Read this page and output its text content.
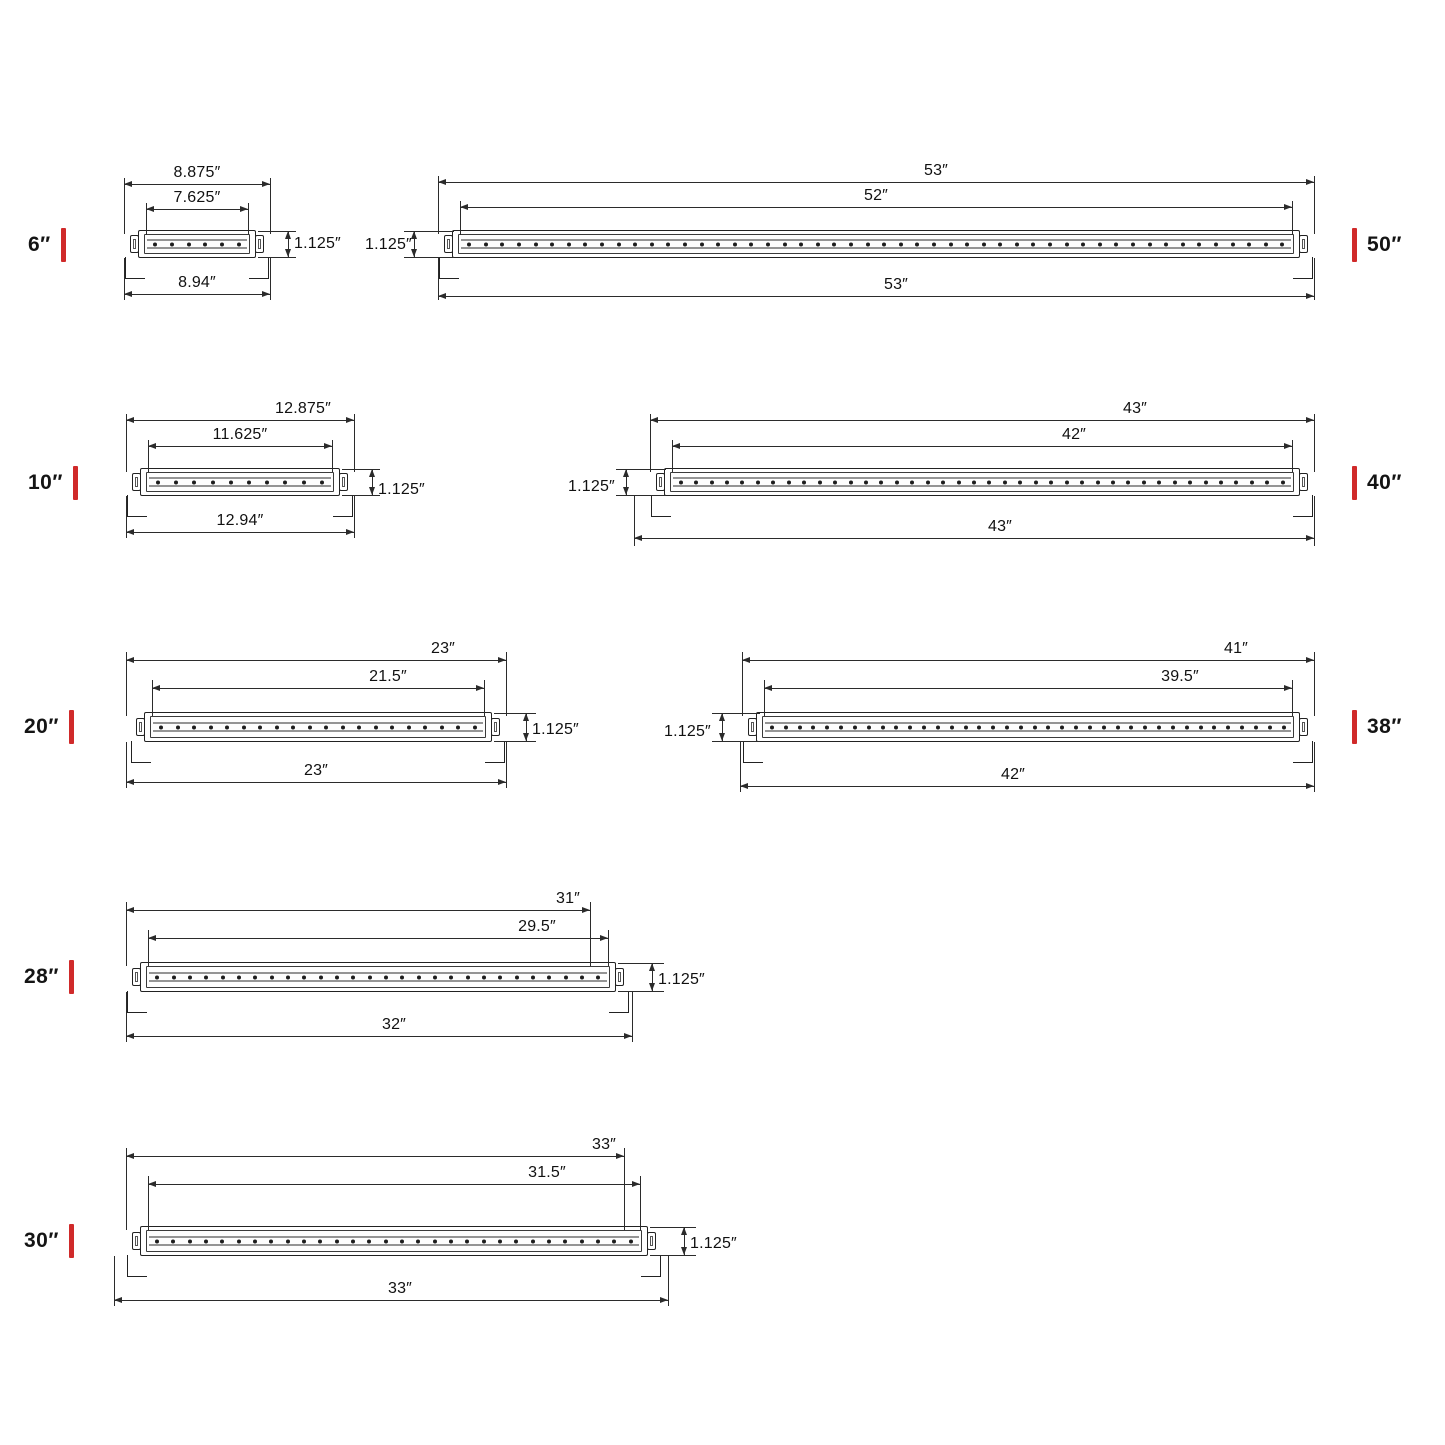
6″
8.875″
7.625″
8.94″
1.125″	50″
53″
52″
53″
1.125″
10″
12.875″
11.625″
12.94″
1.125″	40″
43″
42″
43″
1.125″
20″
23″
21.5″
23″
1.125″	38″
41″
39.5″
42″
1.125″
28″
31″
29.5″
32″
1.125″
30″
33″
31.5″
33″
1.125″
